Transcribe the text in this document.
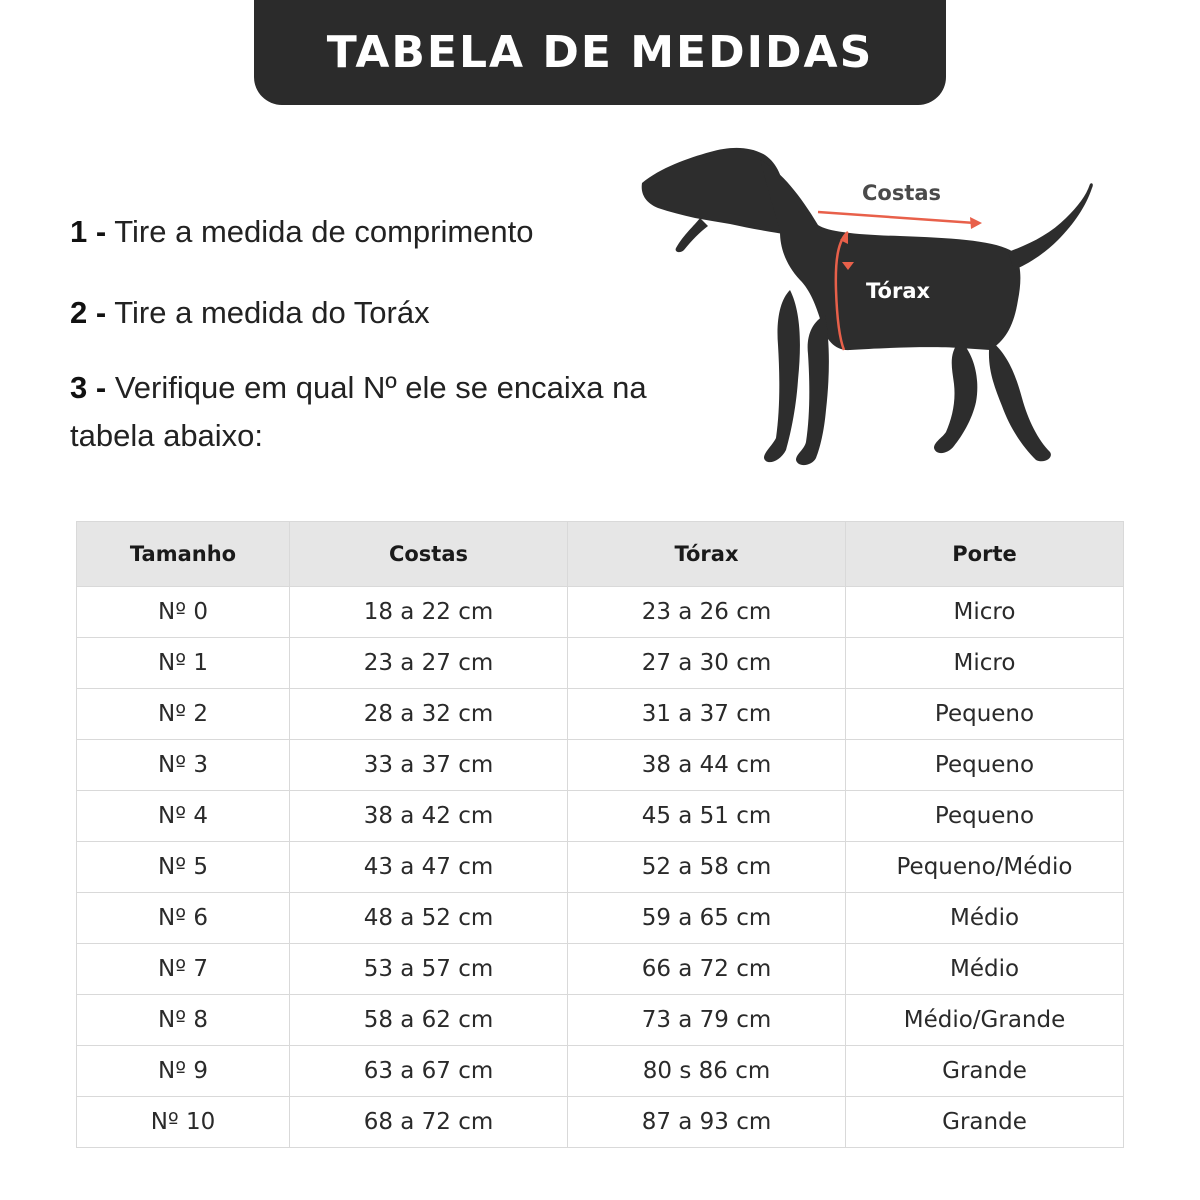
TABELA DE MEDIDAS
1 - Tire a medida de comprimento
2 - Tire a medida do Toráx
3 - Verifique em qual Nº ele se encaixa na tabela abaixo:
Costas
Tórax
Tamanho	Costas	Tórax	Porte
Nº 0	18 a 22 cm	23 a 26 cm	Micro
Nº 1	23 a 27 cm	27 a 30 cm	Micro
Nº 2	28 a 32 cm	31 a 37 cm	Pequeno
Nº 3	33 a 37 cm	38 a 44 cm	Pequeno
Nº 4	38 a 42 cm	45 a 51 cm	Pequeno
Nº 5	43 a 47 cm	52 a 58 cm	Pequeno/Médio
Nº 6	48 a 52 cm	59 a 65 cm	Médio
Nº 7	53 a 57 cm	66 a 72 cm	Médio
Nº 8	58 a 62 cm	73 a 79 cm	Médio/Grande
Nº 9	63 a 67 cm	80 s 86 cm	Grande
Nº 10	68 a 72 cm	87 a 93 cm	Grande
